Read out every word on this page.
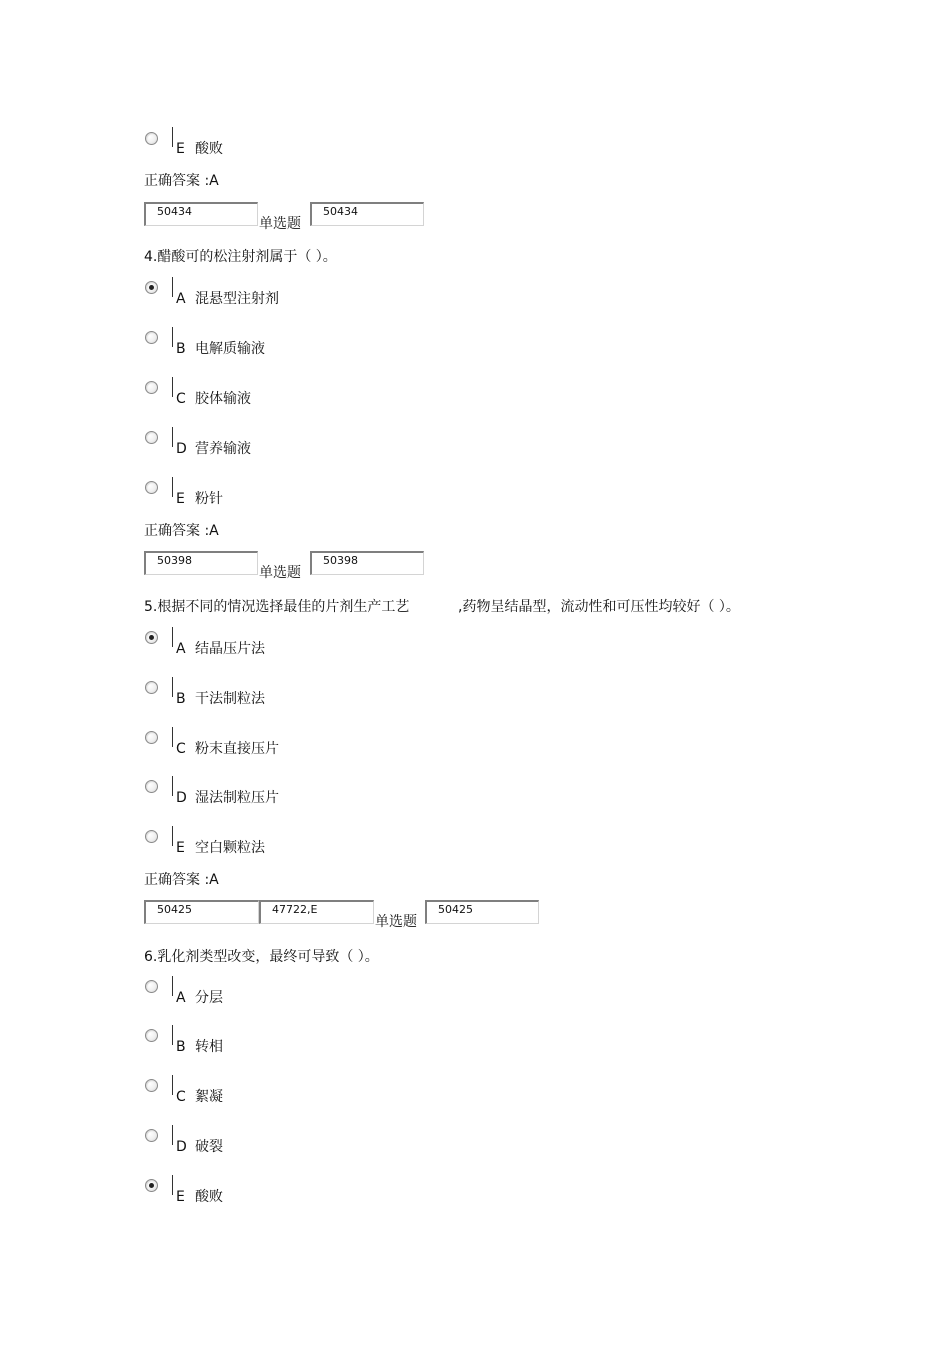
E 酸败
正确答案 :A
50434
单选题
50434
4.醋酸可的松注射剂属于（ ）。
A 混悬型注射剂
B 电解质输液
C 胶体输液
D 营养输液
E 粉针
正确答案 :A
50398
单选题
50398
5.根据不同的情况选择最佳的片剂生产工艺	,药物呈结晶型，流动性和可压性均较好（ ）。
A 结晶压片法
B 干法制粒法
C 粉末直接压片
D 湿法制粒压片
E 空白颗粒法
正确答案 :A
50425	47722,E
单选题
50425
6.乳化剂类型改变，最终可导致（ ）。
A 分层
B 转相
C 絮凝
D 破裂
E 酸败
